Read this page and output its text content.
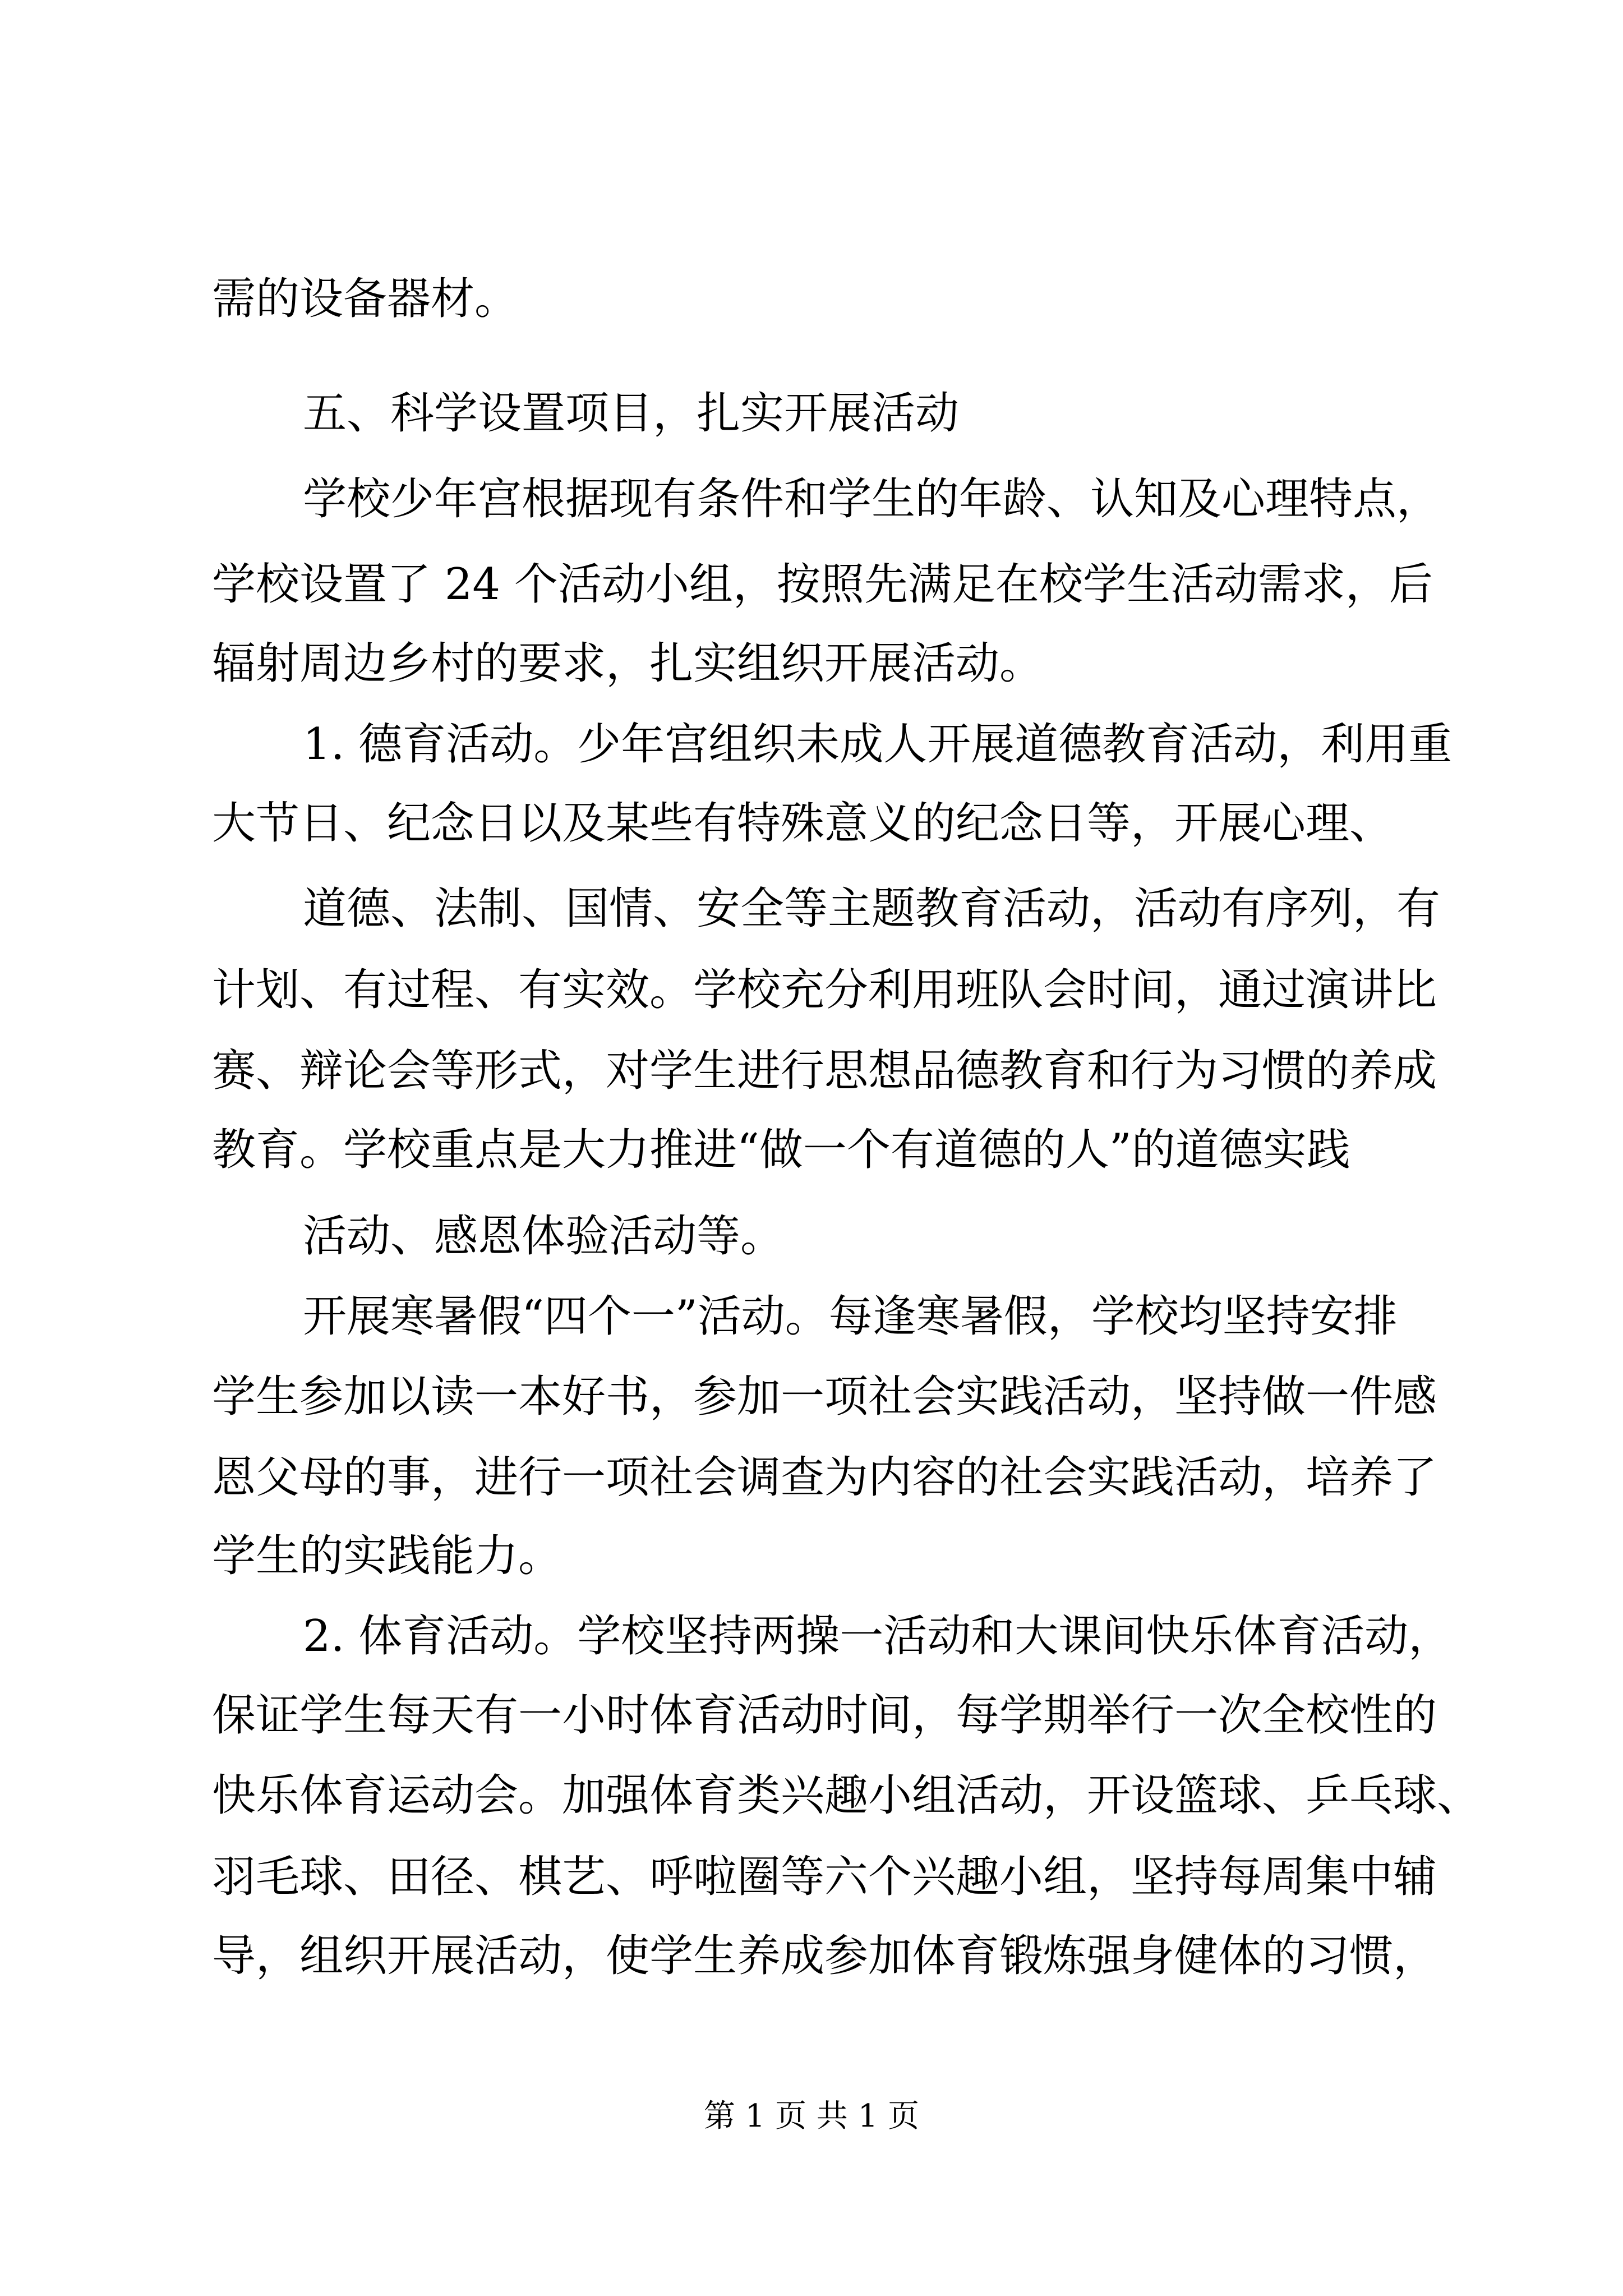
需的设备器材。
五、科学设置项目，扎实开展活动
学校少年宫根据现有条件和学生的年龄、认知及心理特点，
学校设置了 24 个活动小组，按照先满足在校学生活动需求，后
辐射周边乡村的要求，扎实组织开展活动。
1. 德育活动。少年宫组织未成人开展道德教育活动，利用重
大节日、纪念日以及某些有特殊意义的纪念日等，开展心理、
道德、法制、国情、安全等主题教育活动，活动有序列，有
计划、有过程、有实效。学校充分利用班队会时间，通过演讲比
赛、辩论会等形式，对学生进行思想品德教育和行为习惯的养成
教育。学校重点是大力推进“做一个有道德的人”的道德实践
活动、感恩体验活动等。
开展寒暑假“四个一”活动。每逢寒暑假，学校均坚持安排
学生参加以读一本好书，参加一项社会实践活动，坚持做一件感
恩父母的事，进行一项社会调查为内容的社会实践活动，培养了
学生的实践能力。
2. 体育活动。学校坚持两操一活动和大课间快乐体育活动，
保证学生每天有一小时体育活动时间，每学期举行一次全校性的
快乐体育运动会。加强体育类兴趣小组活动，开设篮球、乒乓球、
羽毛球、田径、棋艺、呼啦圈等六个兴趣小组，坚持每周集中辅
导，组织开展活动，使学生养成参加体育锻炼强身健体的习惯，
第 1 页 共 1 页
